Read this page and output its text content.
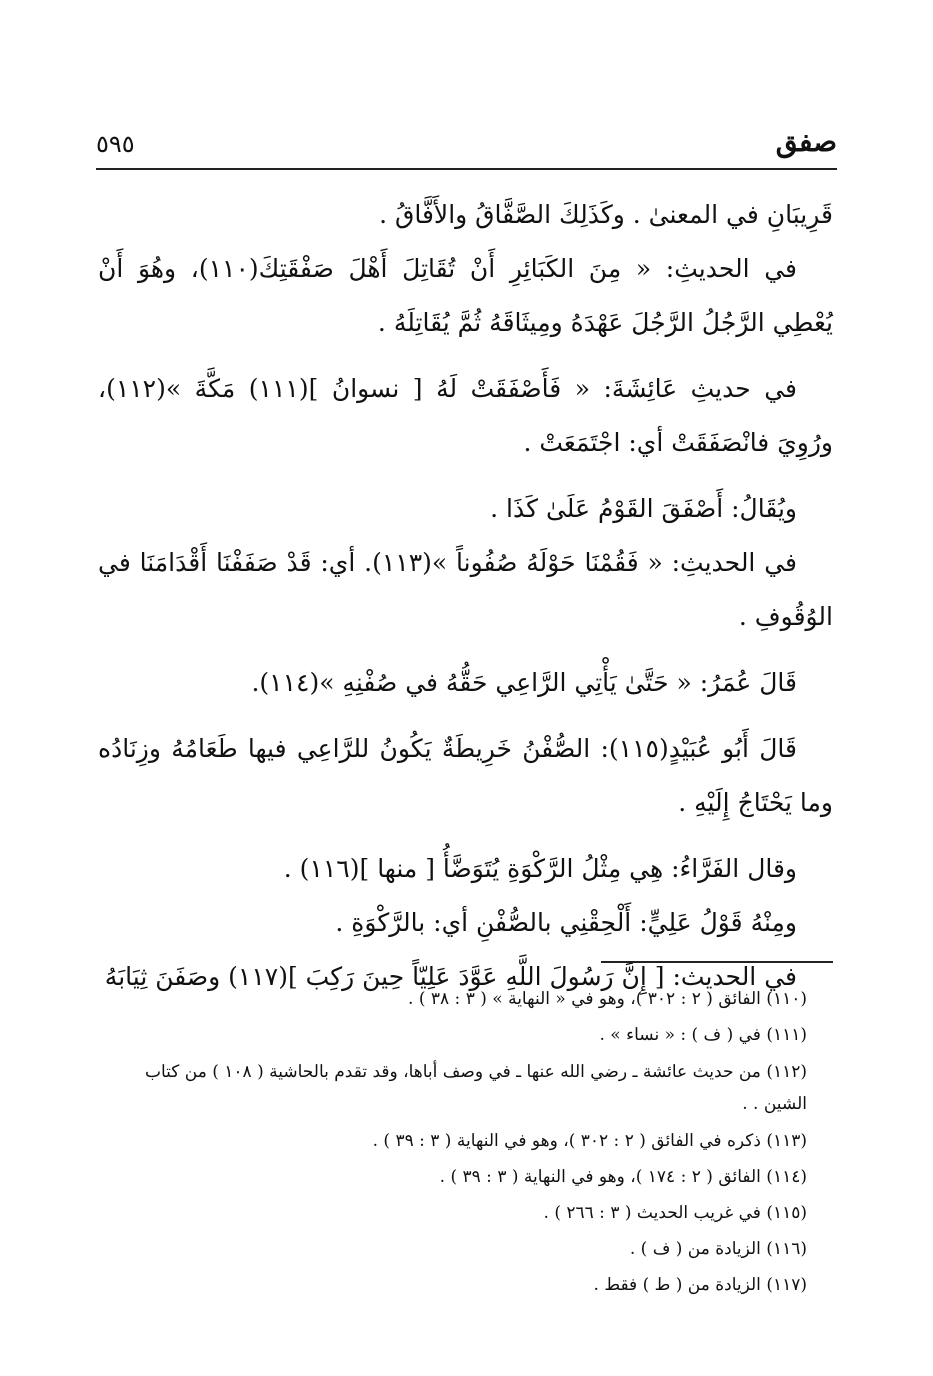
صفق
٥٩٥

قَرِيبَانِ في المعنىٰ . وكَذَلِكَ الصَّفَّاقُ والأَفَّاقُ .

في الحديثِ: « مِنَ الكَبَائِرِ أَنْ تُقَاتِلَ أَهْلَ صَفْقَتِكَ(١١٠)، وهُوَ أَنْ يُعْطِي الرَّجُلُ الرَّجُلَ عَهْدَهُ ومِيثَاقَهُ ثُمَّ يُقَاتِلَهُ .

في حديثِ عَائِشَةَ: « فَأَصْفَقَتْ لَهُ [ نسوانُ ](١١١) مَكَّةَ »(١١٢)، ورُوِيَ فانْصَفَقَتْ أي: اجْتَمَعَتْ .

ويُقَالُ: أَصْفَقَ القَوْمُ عَلَىٰ كَذَا .

في الحديثِ: « فَقُمْنَا حَوْلَهُ صُفُوناً »(١١٣). أي: قَدْ صَفَفْنَا أَقْدَامَنَا في الوُقُوفِ .

قَالَ عُمَرُ: « حَتَّىٰ يَأْتِي الرَّاعِي حَقُّهُ في صُفْنِهِ »(١١٤).

قَالَ أَبُو عُبَيْدٍ(١١٥): الصُّفْنُ خَرِيطَةٌ يَكُونُ للرَّاعِي فيها طَعَامُهُ وزِنَادُه وما يَحْتَاجُ إِلَيْهِ .

وقال الفَرَّاءُ: هِي مِثْلُ الرَّكْوَةِ يُتَوَضَّأُ [ منها ](١١٦) .

ومِنْهُ قَوْلُ عَلِيٍّ: أَلْحِقْنِي بالصُّفْنِ أي: بالرَّكْوَةِ .

في الحديث: [ إِنَّ رَسُولَ اللَّهِ عَوَّدَ عَلِيّاً حِينَ رَكِبَ ](١١٧) وصَفَنَ ثِيَابَهُ

(١١٠) الفائق ( ٢ : ٣٠٢ )، وهو في « النهاية » ( ٣ : ٣٨ ) .

(١١١) في ( ف ) : « نساء » .

(١١٢) من حديث عائشة ـ رضي الله عنها ـ في وصف أباها، وقد تقدم بالحاشية ( ١٠٨ ) من كتاب الشين . .

(١١٣) ذكره في الفائق ( ٢ : ٣٠٢ )، وهو في النهاية ( ٣ : ٣٩ ) .

(١١٤) الفائق ( ٢ : ١٧٤ )، وهو في النهاية ( ٣ : ٣٩ ) .

(١١٥) في غريب الحديث ( ٣ : ٢٦٦ ) .

(١١٦) الزيادة من ( ف ) .

(١١٧) الزيادة من ( ط ) فقط .
